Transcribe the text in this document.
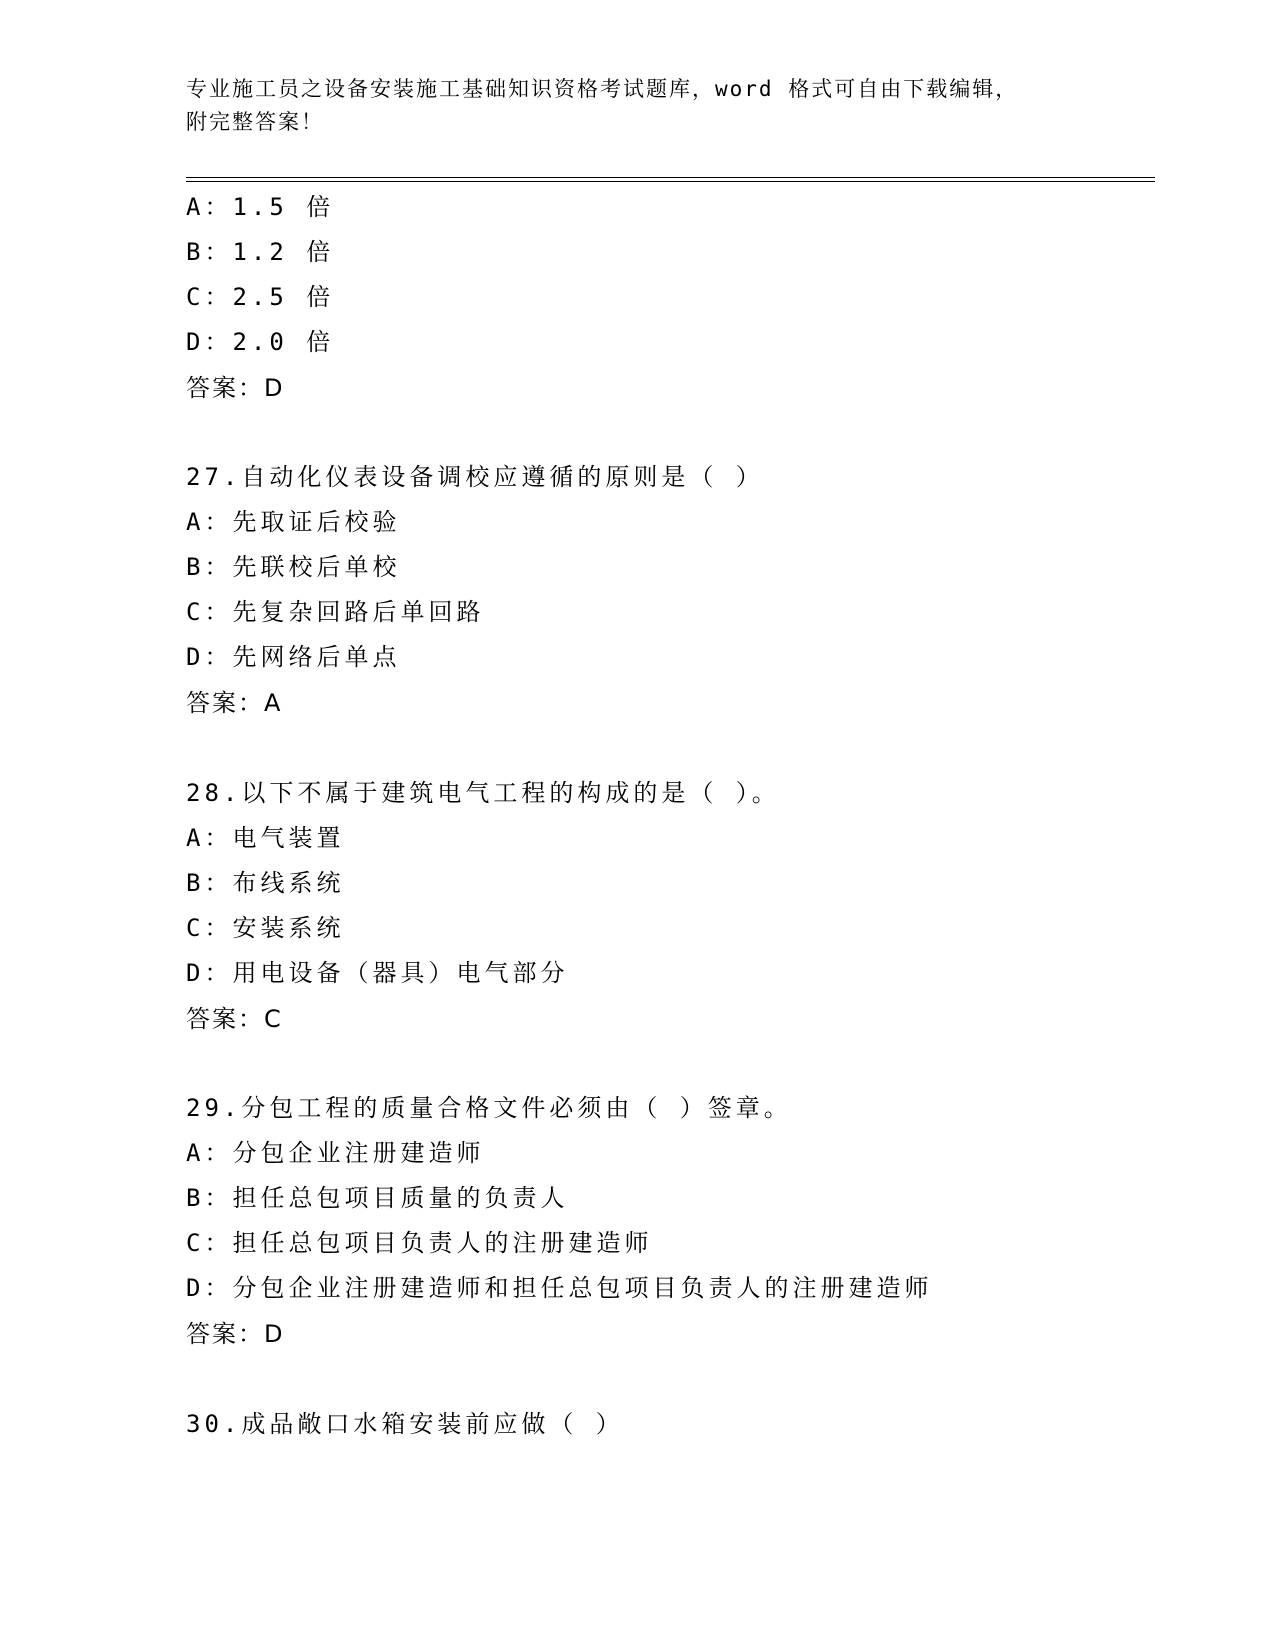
专业施工员之设备安装施工基础知识资格考试题库，word 格式可自由下载编辑，
附完整答案！
A：1.5 倍
B：1.2 倍
C：2.5 倍
D：2.0 倍
答案：D
27.自动化仪表设备调校应遵循的原则是（ ）
A：先取证后校验
B：先联校后单校
C：先复杂回路后单回路
D：先网络后单点
答案：A
28.以下不属于建筑电气工程的构成的是（ ）。
A：电气装置
B：布线系统
C：安装系统
D：用电设备（器具）电气部分
答案：C
29.分包工程的质量合格文件必须由（ ）签章。
A：分包企业注册建造师
B：担任总包项目质量的负责人
C：担任总包项目负责人的注册建造师
D：分包企业注册建造师和担任总包项目负责人的注册建造师
答案：D
30.成品敞口水箱安装前应做（ ）
